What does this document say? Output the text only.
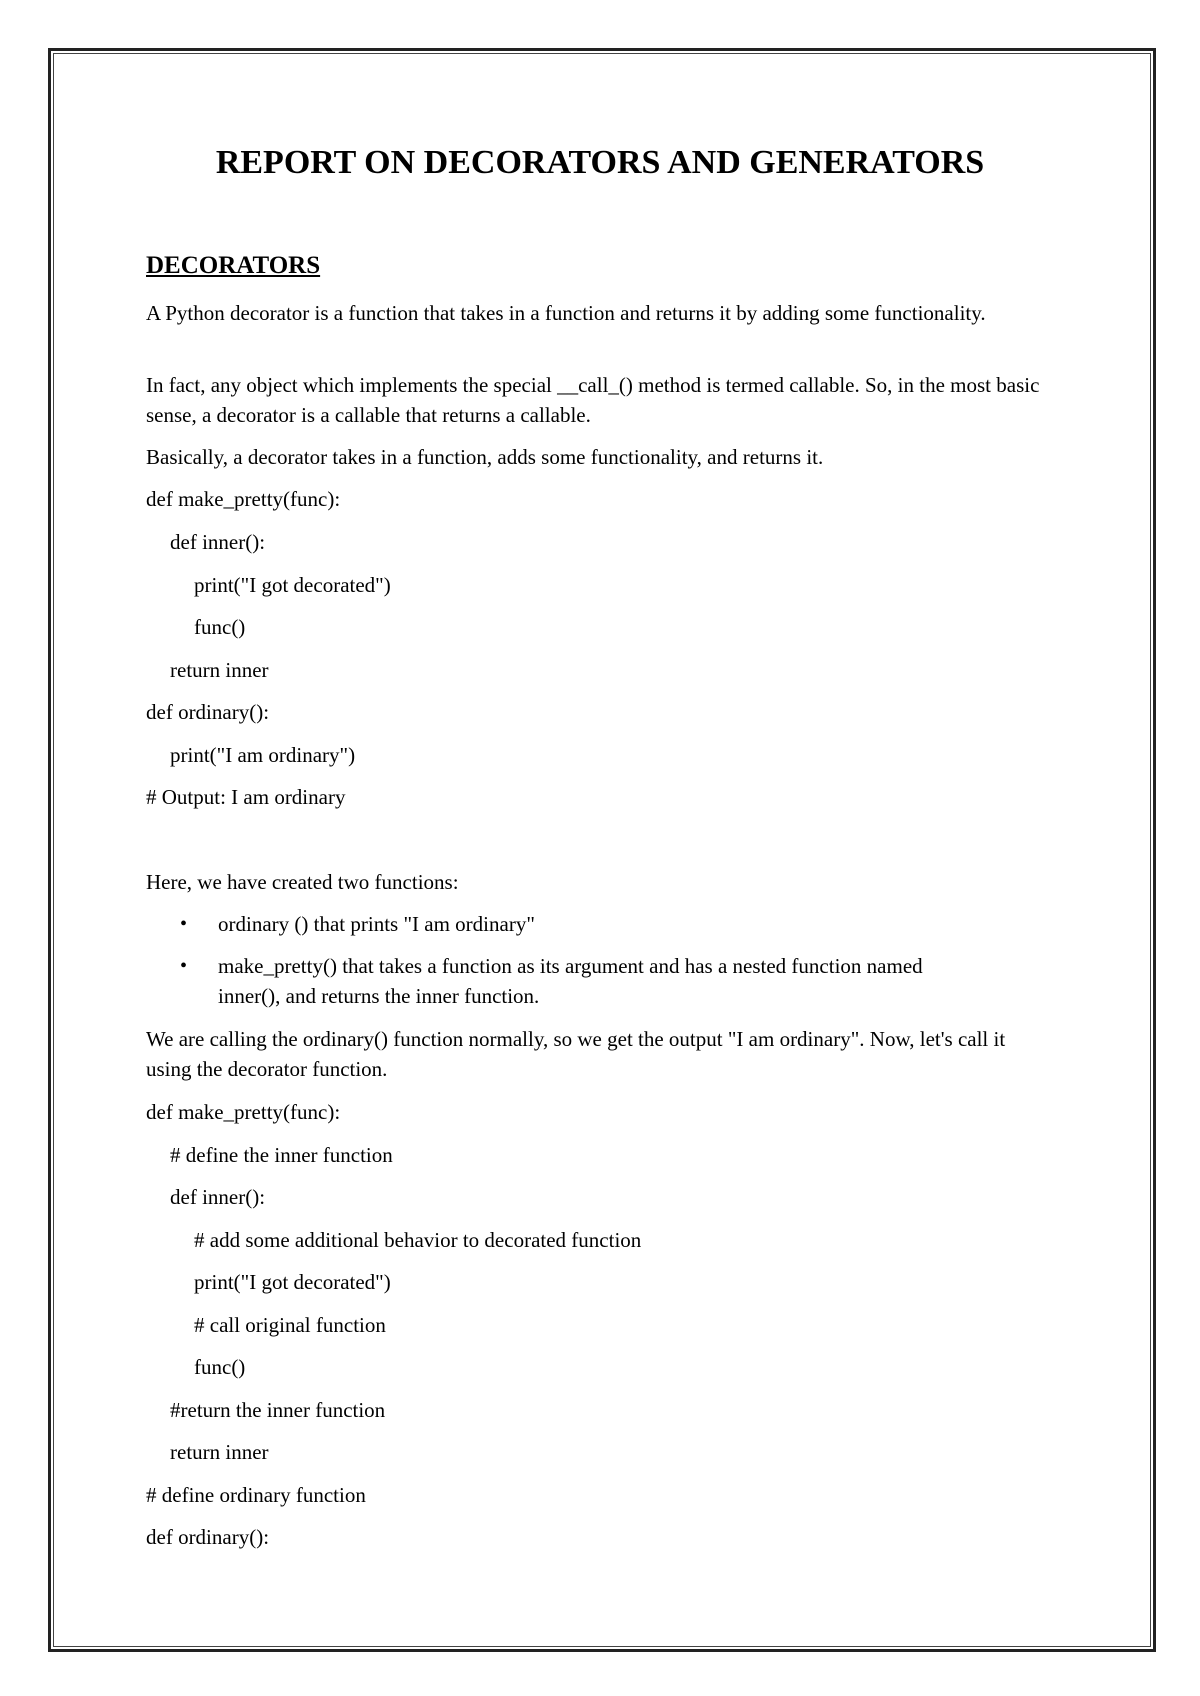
REPORT ON DECORATORS AND GENERATORS
DECORATORS
A Python decorator is a function that takes in a function and returns it by adding some functionality.
In fact, any object which implements the special __call_() method is termed callable. So, in the most basic sense, a decorator is a callable that returns a callable.
Basically, a decorator takes in a function, adds some functionality, and returns it.
def make_pretty(func):
def inner():
print("I got decorated")
func()
return inner
def ordinary():
print("I am ordinary")
# Output: I am ordinary
Here, we have created two functions:
• ordinary () that prints "I am ordinary"
• make_pretty() that takes a function as its argument and has a nested function named inner(), and returns the inner function.
We are calling the ordinary() function normally, so we get the output "I am ordinary". Now, let's call it using the decorator function.
def make_pretty(func):
# define the inner function
def inner():
# add some additional behavior to decorated function
print("I got decorated")
# call original function
func()
#return the inner function
return inner
# define ordinary function
def ordinary():
